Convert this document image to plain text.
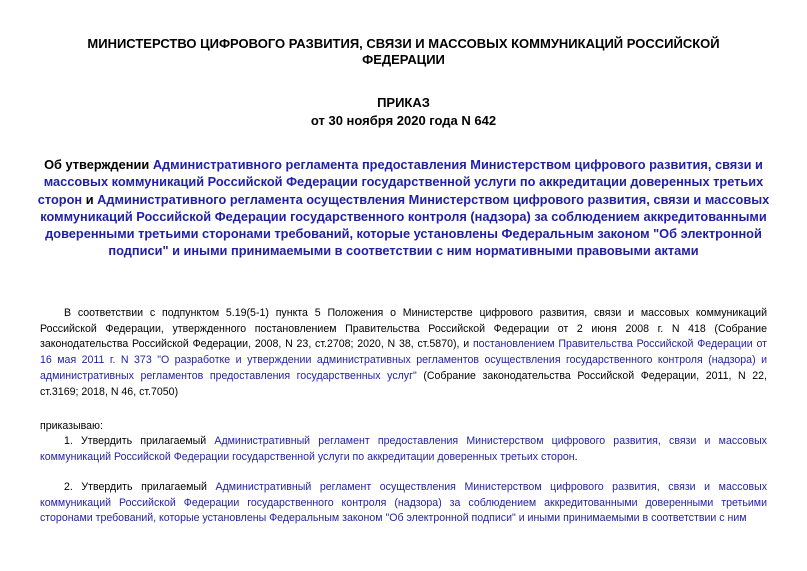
МИНИСТЕРСТВО ЦИФРОВОГО РАЗВИТИЯ, СВЯЗИ И МАССОВЫХ КОММУНИКАЦИЙ РОССИЙСКОЙ ФЕДЕРАЦИИ
ПРИКАЗ
от 30 ноября 2020 года N 642
Об утверждении Административного регламента предоставления Министерством цифрового развития, связи и массовых коммуникаций Российской Федерации государственной услуги по аккредитации доверенных третьих сторон и Административного регламента осуществления Министерством цифрового развития, связи и массовых коммуникаций Российской Федерации государственного контроля (надзора) за соблюдением аккредитованными доверенными третьими сторонами требований, которые установлены Федеральным законом "Об электронной подписи" и иными принимаемыми в соответствии с ним нормативными правовыми актами
В соответствии с подпунктом 5.19(5-1) пункта 5 Положения о Министерстве цифрового развития, связи и массовых коммуникаций Российской Федерации, утвержденного постановлением Правительства Российской Федерации от 2 июня 2008 г. N 418 (Собрание законодательства Российской Федерации, 2008, N 23, ст.2708; 2020, N 38, ст.5870), и постановлением Правительства Российской Федерации от 16 мая 2011 г. N 373 "О разработке и утверждении административных регламентов осуществления государственного контроля (надзора) и административных регламентов предоставления государственных услуг" (Собрание законодательства Российской Федерации, 2011, N 22, ст.3169; 2018, N 46, ст.7050)
приказываю:
1. Утвердить прилагаемый Административный регламент предоставления Министерством цифрового развития, связи и массовых коммуникаций Российской Федерации государственной услуги по аккредитации доверенных третьих сторон.
2. Утвердить прилагаемый Административный регламент осуществления Министерством цифрового развития, связи и массовых коммуникаций Российской Федерации государственного контроля (надзора) за соблюдением аккредитованными доверенными третьими сторонами требований, которые установлены Федеральным законом "Об электронной подписи" и иными принимаемыми в соответствии с ним
